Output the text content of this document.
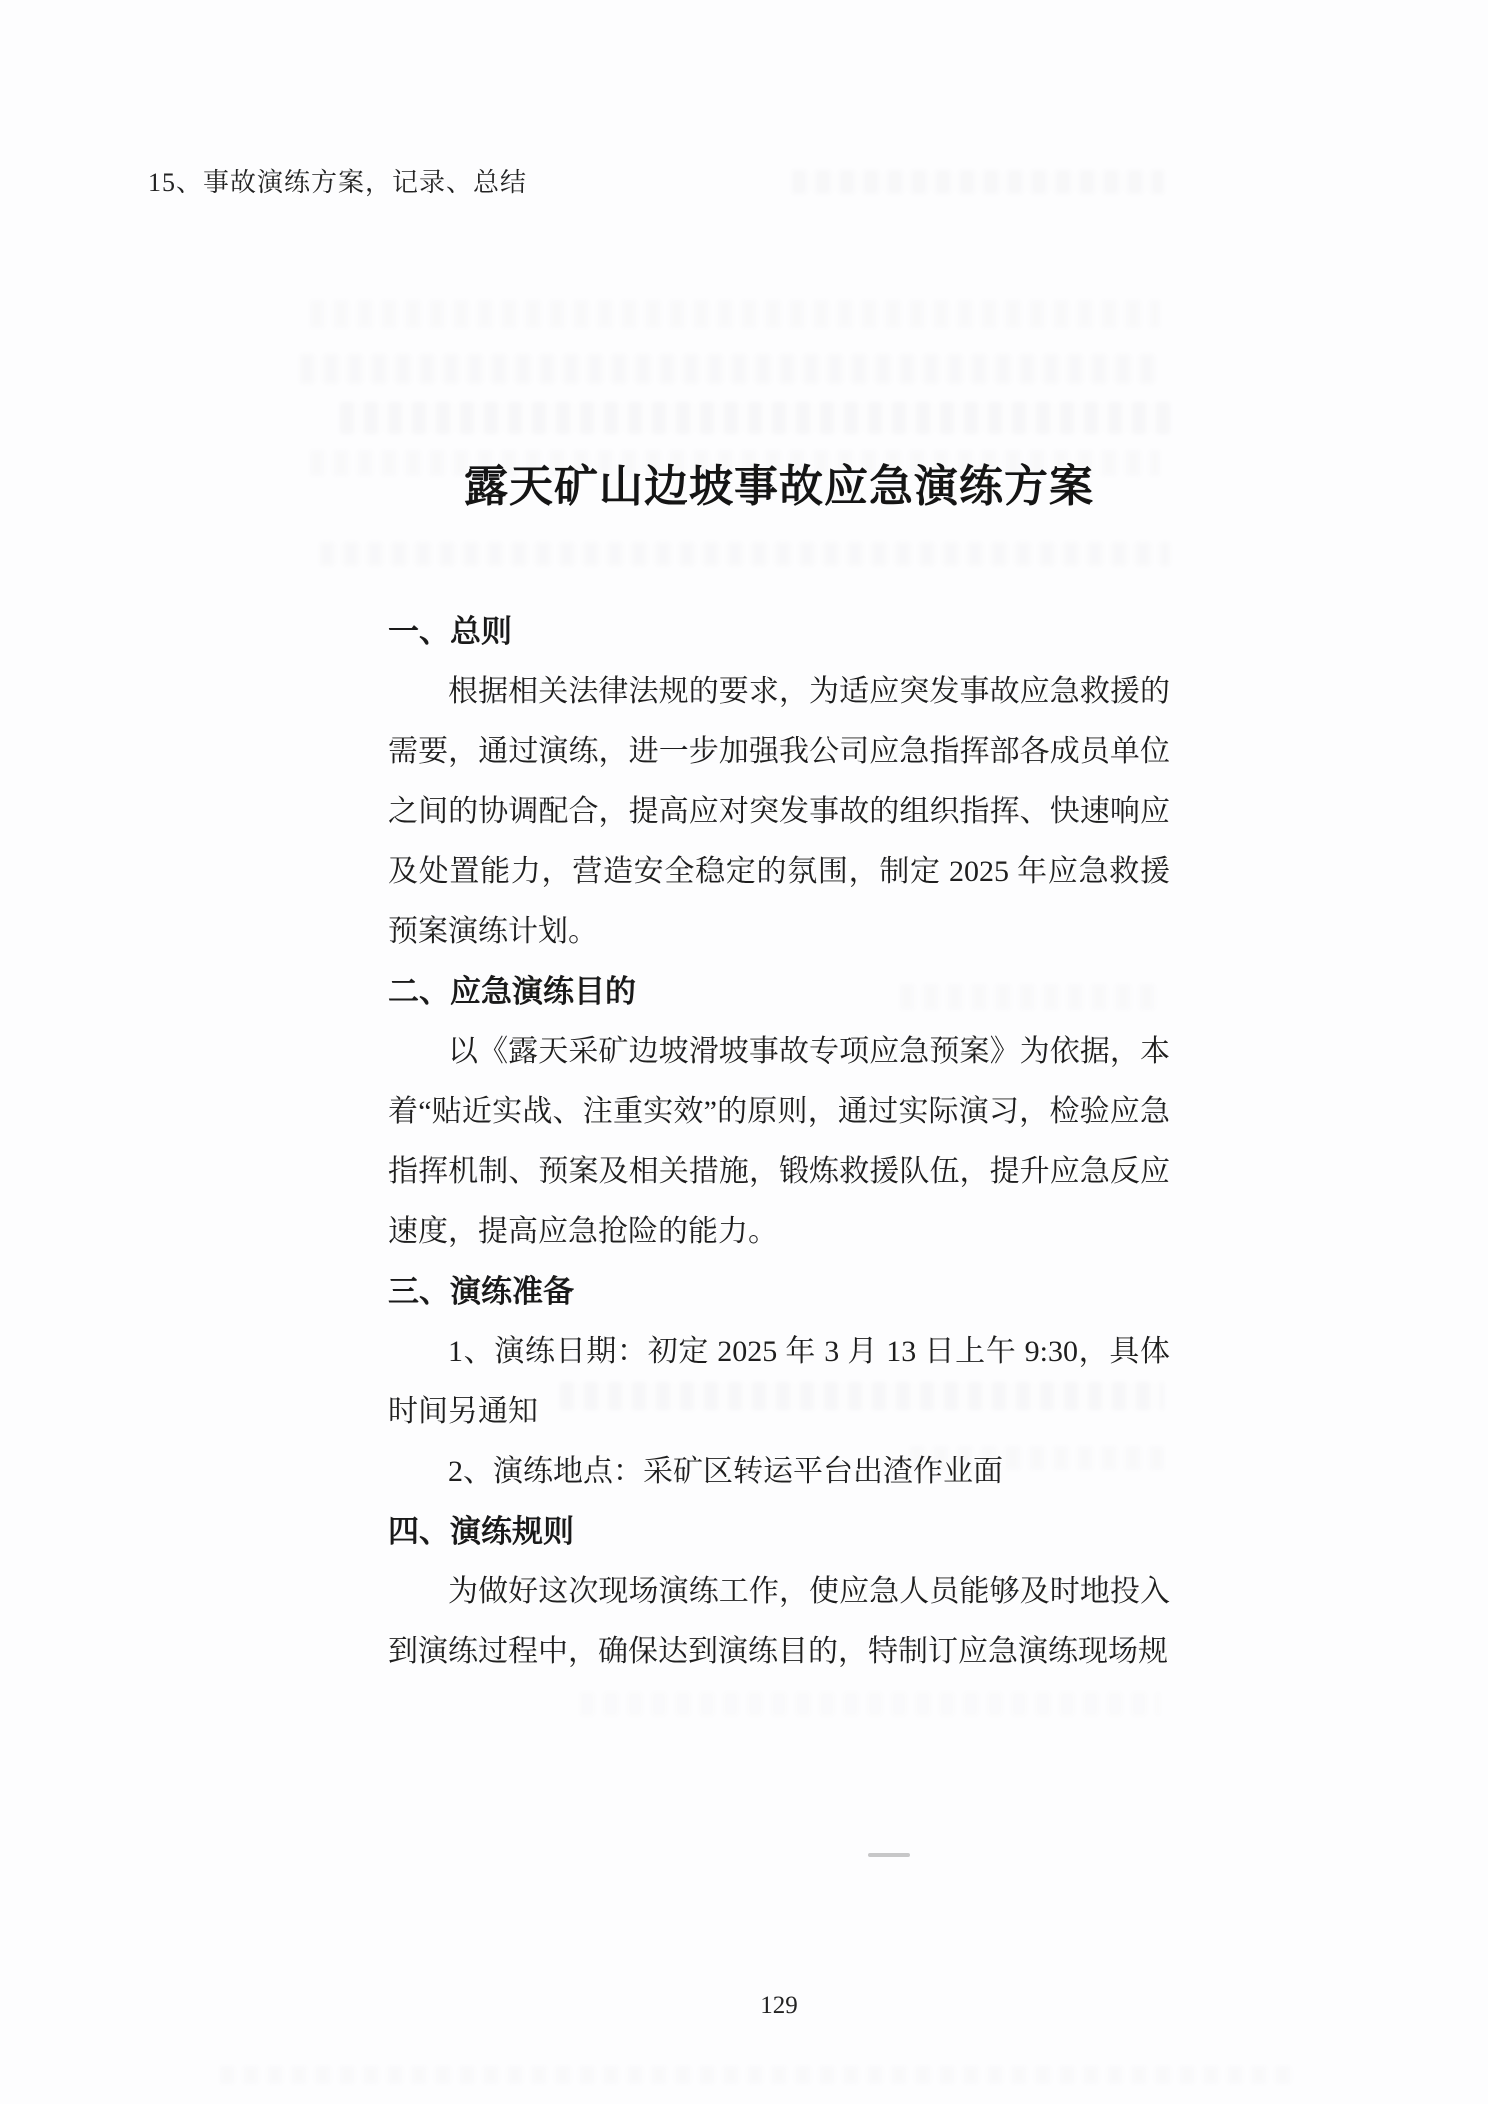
15、事故演练方案，记录、总结
露天矿山边坡事故应急演练方案
一、总则

根据相关法律法规的要求，为适应突发事故应急救援的需要，通过演练，进一步加强我公司应急指挥部各成员单位之间的协调配合，提高应对突发事故的组织指挥、快速响应及处置能力，营造安全稳定的氛围，制定 2025 年应急救援预案演练计划。

二、应急演练目的

以《露天采矿边坡滑坡事故专项应急预案》为依据，本着“贴近实战、注重实效”的原则，通过实际演习，检验应急指挥机制、预案及相关措施，锻炼救援队伍，提升应急反应速度，提高应急抢险的能力。

三、演练准备

1、演练日期：初定 2025 年 3 月 13 日上午 9:30，具体时间另通知

2、演练地点：采矿区转运平台出渣作业面

四、演练规则

为做好这次现场演练工作，使应急人员能够及时地投入到演练过程中，确保达到演练目的，特制订应急演练现场规

129
